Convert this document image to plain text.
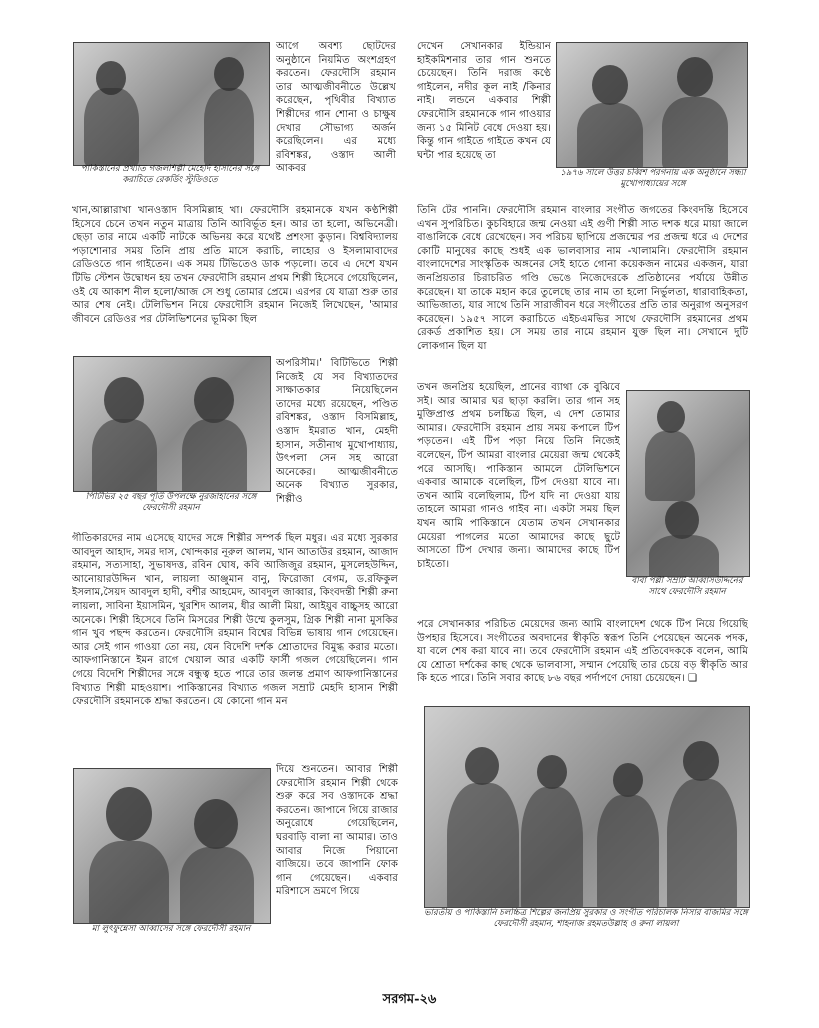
পাকিস্তানের প্রখ্যাত গজলশিল্পী মেহেদি হাসানের সঙ্গে করাচিতে রেকর্ডিং স্টুডিওতে
আগে অবশ্য ছোটদের অনুষ্ঠানে নিয়মিত অংশগ্রহণ করতেন। ফেরদৌসি রহমান তার আত্মজীবনীতে উল্লেখ করেছেন, পৃথিবীর বিখ্যাত শিল্পীদের গান শোনা ও চাক্ষুষ দেখার সৌভাগ্য অর্জন করেছিলেন। এর মধ্যে রবিশঙ্কর, ওস্তাদ আলী আকবর
খান,আল্লারাখা খানওস্তাদ বিসমিল্লাহ খা। ফেরদৌসি রহমানকে যখন কণ্ঠশিল্পী হিসেবে চেনে তখন নতুন মাত্রায় তিনি আবির্ভূত হন। আর তা হলো, অভিনেত্রী। ছেড়া তার নামে একটি নাটকে অভিনয় করে যথেষ্ট প্রশংসা কুড়ান। বিশ্ববিদ্যালয় পড়াশোনার সময় তিনি প্রায় প্রতি মাসে করাচি, লাহোর ও ইসলামাবাদের রেডিওতে গান গাইতেন। এক সময় টিভিতেও ডাক পড়লো। তবে এ দেশে যখন টিভি স্টেশন উদ্বোধন হয় তখন ফেরদৌসি রহমান প্রথম শিল্পী হিসেবে গেয়েছিলেন, ওই যে আকাশ নীল হলো/আজ সে শুধু তোমার প্রেমে। এরপর যে যাত্রা শুরু তার আর শেষ নেই। টেলিভিশন নিয়ে ফেরদৌসি রহমান নিজেই লিখেছেন, 'আমার জীবনে রেডিওর পর টেলিভিশনের ভূমিকা ছিল
পিটিভির ২৫ বছর পূর্তি উপলক্ষে নুরজাহানের সঙ্গে ফেরদৌসী রহমান
অপরিসীম।' বিটিভিতে শিল্পী নিজেই যে সব বিখ্যাতদের সাক্ষাতকার নিয়েছিলেন তাদের মধ্যে রয়েছেন, পণ্ডিত রবিশঙ্কর, ওস্তাদ বিসমিল্লাহ, ওস্তাদ ইমরাত খান, মেহদী হাসান, সতীনাথ মুখোপাধ্যায়, উৎপলা সেন সহ আরো অনেকের। আত্মজীবনীতে অনেক বিখ্যাত সুরকার, শিল্পীও
গীতিকারদের নাম এসেছে যাদের সঙ্গে শিল্পীর সম্পর্ক ছিল মধুর। এর মধ্যে সুরকার আবদুল আহাদ, সমর দাস, খোন্দকার নূরুল আলম, খান আতাউর রহমান, আজাদ রহমান, সত্যসাহা, সুভাষদত্ত, রবিন ঘোষ, কবি আজিজুর রহমান, মুসলেহউদ্দিন, আনোয়ারউদ্দিন খান, লায়লা আঞ্জুমান বানু, ফিরোজা বেগম, ড.রফিকুল ইসলাম,সৈয়দ আবদুল হাদী, বশীর আহমেদ, আবদুল জাব্বার, কিংবদন্তী শিল্পী রুনা লায়লা, সাবিনা ইয়াসমিন, খুরশিদ আলম, ধীর আলী মিয়া, আইয়ুব বাচ্চুসহ আরো অনেকে। শিল্পী হিসেবে তিনি মিসরের শিল্পী উম্মে কুলসুম, গ্রিক শিল্পী নানা মুসকির গান খুব পছন্দ করতেন। ফেরদৌসি রহমান বিশ্বের বিভিন্ন ভাষায় গান গেয়েছেন। আর সেই গান গাওয়া তো নয়, যেন বিদেশি দর্শক শ্রোতাদের বিমুগ্ধ করার মতো। আফগানিস্তানে ইমন রাগে খেয়াল আর একটি ফার্সী গজল গেয়েছিলেন। গান গেয়ে বিদেশি শিল্পীদের সঙ্গে বন্ধুত্ব হতে পারে তার জলন্ত প্রমাণ আফগানিস্তানের বিখ্যাত শিল্পী মাহওয়াশ। পাকিস্তানের বিখ্যাত গজল সম্রাট মেহদি হাসান শিল্পী ফেরদৌসি রহমানকে শ্রদ্ধা করতেন। যে কোনো গান মন
মা লুৎফুন্নেসা আব্বাসের সঙ্গে ফেরদৌসী রহমান
দিয়ে শুনতেন। আবার শিল্পী ফেরদৌসি রহমান শিল্পী থেকে শুরু করে সব ওস্তাদকে শ্রদ্ধা করতেন। জাপানে গিয়ে রাজার অনুরোধে গেয়েছিলেন, ঘরবাড়ি বালা না আমার। তাও আবার নিজে পিয়ানো বাজিয়ে। তবে জাপানি ফোক গান গেয়েছেন। একবার মরিশাসে ভ্রমণে গিয়ে
দেখেন সেখানকার ইন্ডিয়ান হাইকমিশনার তার গান শুনতে চেয়েছেন। তিনি দরাজ কণ্ঠে গাইলেন, নদীর কূল নাই /কিনার নাই। লন্ডনে একবার শিল্পী ফেরদৌসি রহমানকে গান গাওয়ার জন্য ১৫ মিনিট বেধে দেওয়া হয়। কিন্তু গান গাইতে গাইতে কখন যে ঘন্টা পার হয়েছে তা
১৯৭৬ সালে উত্তর চব্বিশ পরগনায় এক অনুষ্ঠানে সন্ধ্যা মুখোপাধ্যায়ের সঙ্গে
তিনি টের পাননি। ফেরদৌসি রহমান বাংলার সংগীত জগতের কিংবদন্তি হিসেবে এখন সুপরিচিত। কুচবিহারে জন্ম নেওয়া এই গুণী শিল্পী সাত দশক ধরে মায়া জালে বাঙালিকে বেধে রেখেছেন। সব পরিচয় ছাপিয়ে প্রজন্মের পর প্রজন্ম ধরে এ দেশের কোটি মানুষের কাছে শুধই এক ভালবাসার নাম -খালামনি। ফেরদৌসি রহমান বাংলাদেশের সাংস্কৃতিক অঙ্গনের সেই হাতে গোনা কয়েকজন নামের একজন, যারা জনপ্রিয়তার চিরাচরিত গণ্ডি ভেঙে নিজেদেরকে প্রতিষ্ঠানের পর্যায়ে উন্নীত করেছেন। যা তাকে মহান করে তুলেছে তার নাম তা হলো নির্ভুলতা, ধারাবাহিকতা, আভিজাত্য, যার সাথে তিনি সারাজীবন ধরে সংগীতের প্রতি তার অনুরাগ অনুসরণ করেছেন। ১৯৫৭ সালে করাচিতে এইচএমভির সাথে ফেরদৌসি রহমানের প্রথম রেকর্ড প্রকাশিত হয়। সে সময় তার নামে রহমান যুক্ত ছিল না। সেখানে দুটি লোকগান ছিল যা
তখন জনপ্রিয় হয়েছিল, প্রানের ব্যাথা কে বুঝিবে সই। আর আমার ঘর ছাড়া করলি। তার গান সহ মুক্তিপ্রাপ্ত প্রথম চলচ্চিত্র ছিল, এ দেশ তোমার আমার। ফেরদৌসি রহমান প্রায় সময় কপালে টিপ পড়তেন। এই টিপ পড়া নিয়ে তিনি নিজেই বলেছেন, টিপ আমরা বাংলার মেয়েরা জন্ম থেকেই পরে আসছি। পাকিস্তান আমলে টেলিভিশনে একবার আমাকে বলেছিল, টিপ দেওয়া যাবে না। তখন আমি বলেছিলাম, টিপ যদি না দেওয়া যায় তাহলে আমরা গানও গাইব না। একটা সময় ছিল যখন আমি পাকিস্তানে যেতাম তখন সেখানকার মেয়েরা পাগলের মতো আমাদের কাছে ছুটে আসতো টিপ দেখার জন্য। আমাদের কাছে টিপ চাইতো।
বাবা পল্লী সম্রাট আব্বাসউদ্দিনের সাথে ফেরদৌসি রহমান
পরে সেখানকার পরিচিত মেয়েদের জন্য আমি বাংলাদেশ থেকে টিপ নিয়ে গিয়েছি উপহার হিসেবে। সংগীতের অবদানের স্বীকৃতি স্বরূপ তিনি পেয়েছেন অনেক পদক, যা বলে শেষ করা যাবে না। তবে ফেরদৌসি রহমান এই প্রতিবেদককে বলেন, আমি যে শ্রোতা দর্শকের কাছ থেকে ভালবাসা, সম্মান পেয়েছি তার চেয়ে বড় স্বীকৃতি আর কি হতে পারে। তিনি সবার কাছে ৮৬ বছর পর্দাপণে দোয়া চেয়েছেন। ❏
ভারতীয় ও পাকিস্তানি চলচ্চিত্র শিল্পের জনপ্রিয় সুরকার ও সংগীত পরিচালক নিসার বাজমির সঙ্গে ফেরদৌসী রহমান, শাহনাজ রহমতউল্লাহ ও রুনা লায়লা
সরগম-২৬
